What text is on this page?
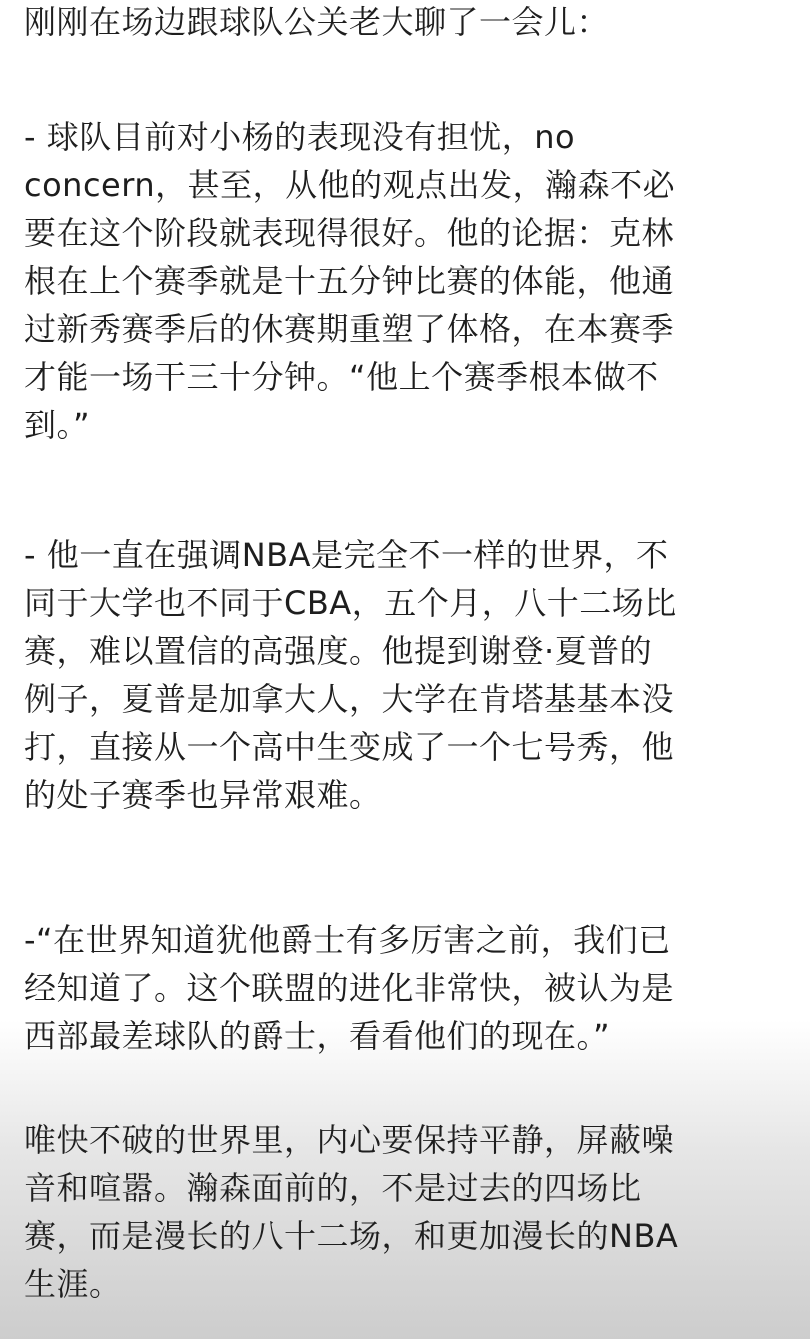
刚刚在场边跟球队公关老大聊了一会儿：
- 球队目前对小杨的表现没有担忧，no
concern，甚至，从他的观点出发，瀚森不必
要在这个阶段就表现得很好。他的论据：克林
根在上个赛季就是十五分钟比赛的体能，他通
过新秀赛季后的休赛期重塑了体格，在本赛季
才能一场干三十分钟。“他上个赛季根本做不
到。”
- 他一直在强调NBA是完全不一样的世界，不
同于大学也不同于CBA，五个月，八十二场比
赛，难以置信的高强度。他提到谢登·夏普的
例子，夏普是加拿大人，大学在肯塔基基本没
打，直接从一个高中生变成了一个七号秀，他
的处子赛季也异常艰难。
-“在世界知道犹他爵士有多厉害之前，我们已
经知道了。这个联盟的进化非常快，被认为是
西部最差球队的爵士，看看他们的现在。”
唯快不破的世界里，内心要保持平静，屏蔽噪
音和喧嚣。瀚森面前的，不是过去的四场比
赛，而是漫长的八十二场，和更加漫长的NBA
生涯。
